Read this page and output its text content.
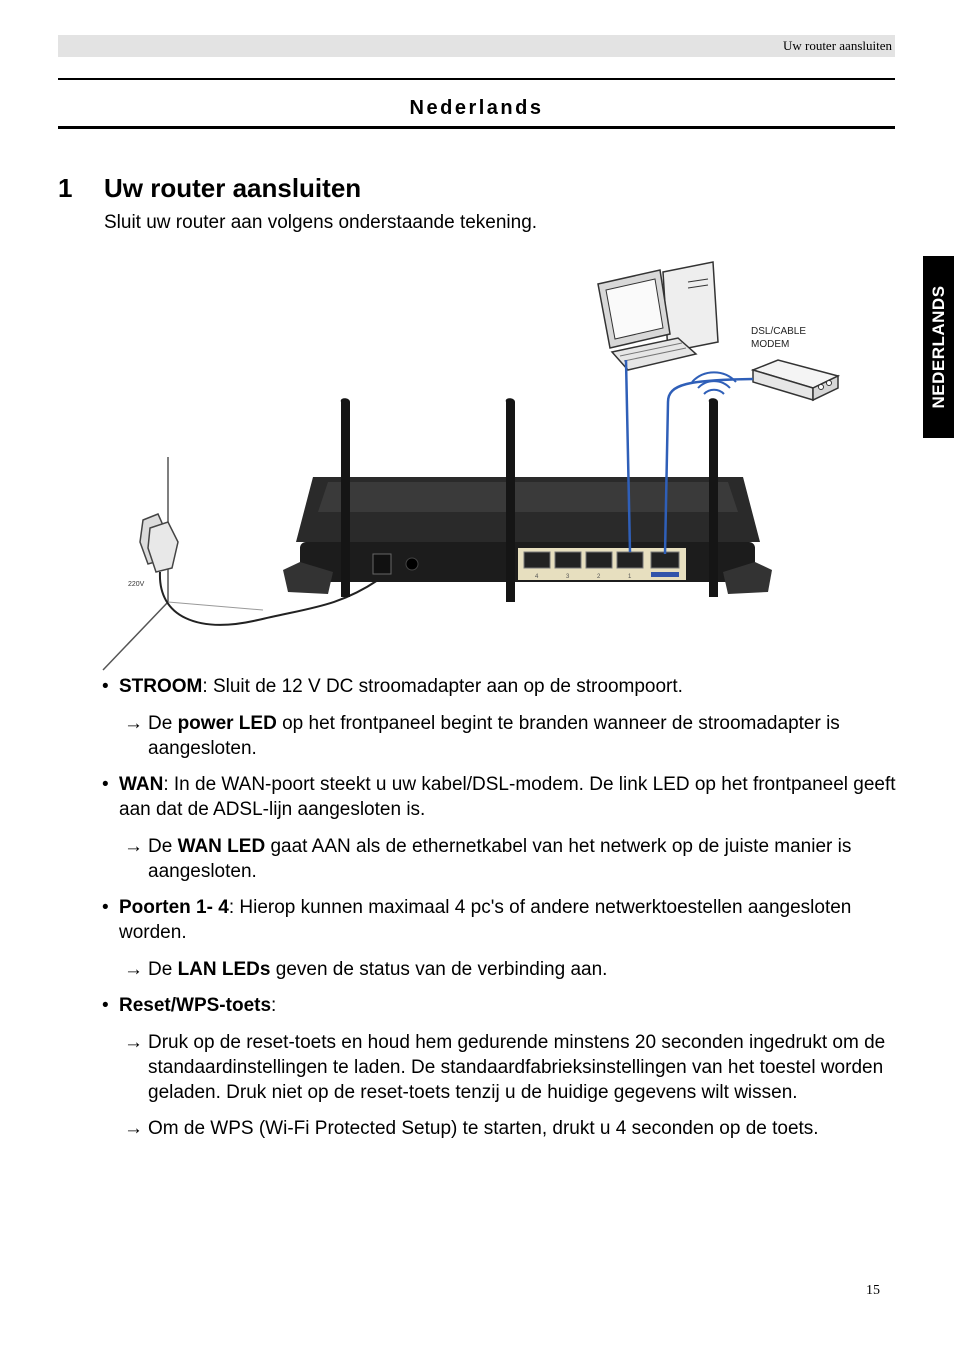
Uw router aansluiten
Nederlands
NEDERLANDS
1 Uw router aansluiten
Sluit uw router aan volgens onderstaande tekening.
220V
DSL/CABLE
MODEM
4	3	2	1
• STROOM: Sluit de 12 V DC stroomadapter aan op de stroompoort.
→ De power LED op het frontpaneel begint te branden wanneer de stroomadapter is aangesloten.
• WAN: In de WAN-poort steekt u uw kabel/DSL-modem. De link LED op het frontpaneel geeft aan dat de ADSL-lijn aangesloten is.
→ De WAN LED gaat AAN als de ethernetkabel van het netwerk op de juiste manier is aangesloten.
• Poorten 1- 4: Hierop kunnen maximaal 4 pc's of andere netwerktoestellen aangesloten worden.
→ De LAN LEDs geven de status van de verbinding aan.
• Reset/WPS-toets:
→ Druk op de reset-toets en houd hem gedurende minstens 20 seconden ingedrukt om de standaardinstellingen te laden. De standaardfabrieksinstellingen van het toestel worden geladen. Druk niet op de reset-toets tenzij u de huidige gegevens wilt wissen.
→ Om de WPS (Wi-Fi Protected Setup) te starten, drukt u 4 seconden op de toets.
15
